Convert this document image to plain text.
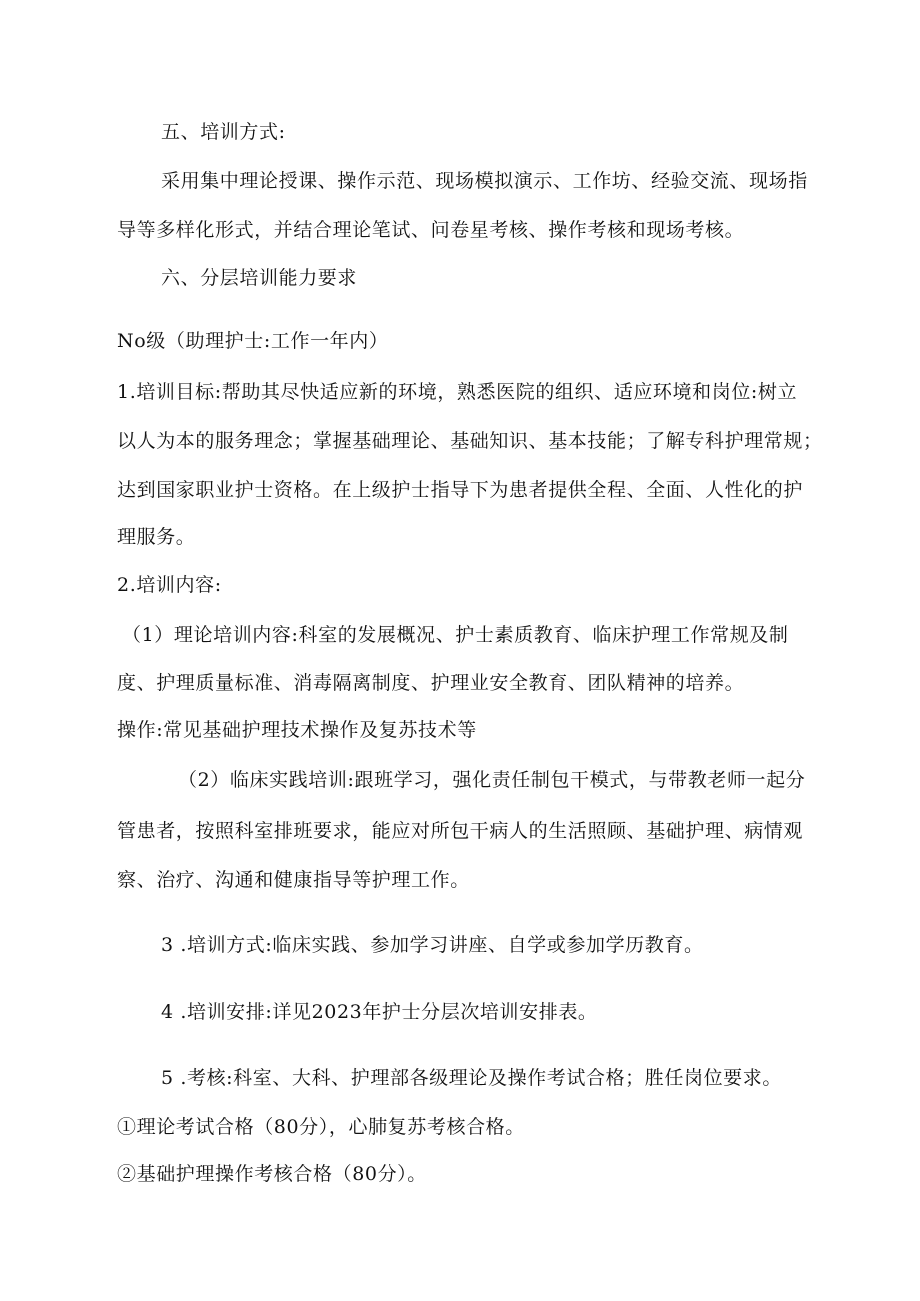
五、培训方式:
采用集中理论授课、操作示范、现场模拟演示、工作坊、经验交流、现场指
导等多样化形式，并结合理论笔试、问卷星考核、操作考核和现场考核。
六、分层培训能力要求
No级（助理护士:工作一年内）
1.培训目标:帮助其尽快适应新的环境，熟悉医院的组织、适应环境和岗位:树立
以人为本的服务理念；掌握基础理论、基础知识、基本技能；了解专科护理常规；
达到国家职业护士资格。在上级护士指导下为患者提供全程、全面、人性化的护
理服务。
2.培训内容:
（1）理论培训内容:科室的发展概况、护士素质教育、临床护理工作常规及制
度、护理质量标准、消毒隔离制度、护理业安全教育、团队精神的培养。
操作:常见基础护理技术操作及复苏技术等
（2）临床实践培训:跟班学习，强化责任制包干模式，与带教老师一起分
管患者，按照科室排班要求，能应对所包干病人的生活照顾、基础护理、病情观
察、治疗、沟通和健康指导等护理工作。
3 .培训方式:临床实践、参加学习讲座、自学或参加学历教育。
4 .培训安排:详见2023年护士分层次培训安排表。
5 .考核:科室、大科、护理部各级理论及操作考试合格；胜任岗位要求。
①理论考试合格（80分），心肺复苏考核合格。
②基础护理操作考核合格（80分）。
